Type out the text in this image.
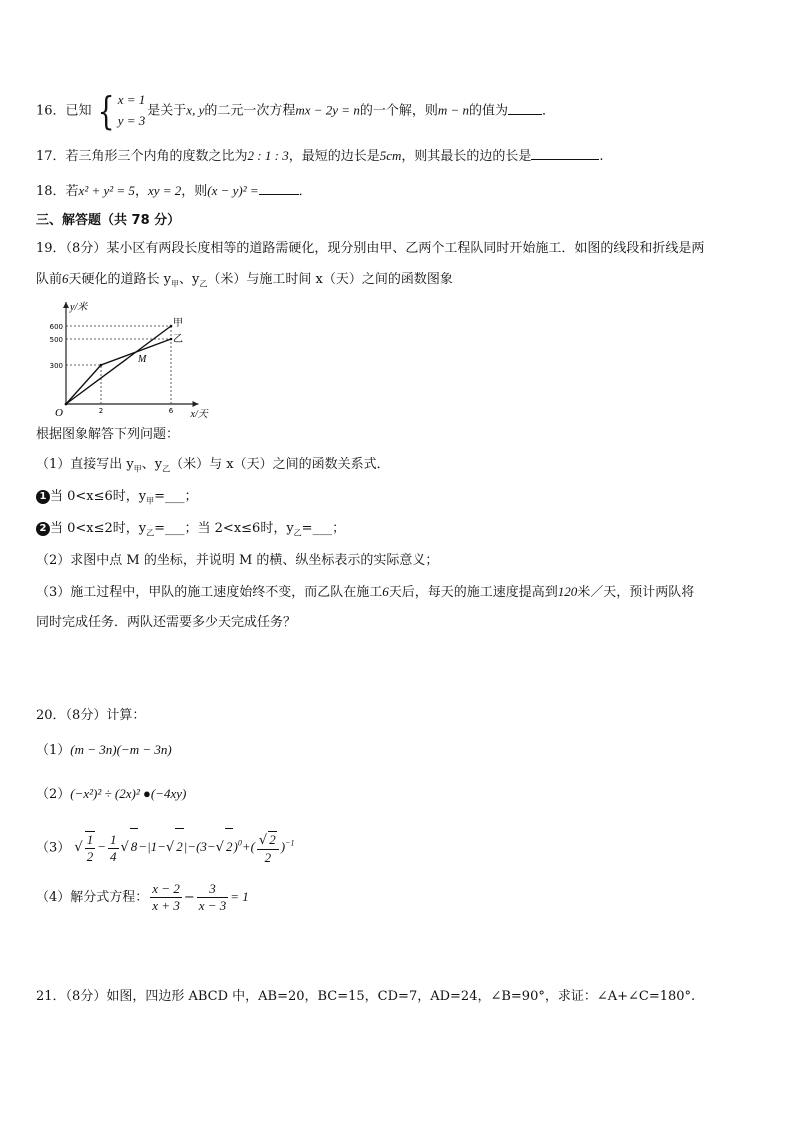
16．已知 { x = 1
y = 3是关于x, y的二元一次方程mx − 2y = n的一个解，则m − n的值为	．
17．若三角形三个内角的度数之比为2 : 1 : 3，最短的边长是5cm，则其最长的边的长是	.
18．若x² + y² = 5，xy = 2，则(x − y)² =	．
三、解答题（共 78 分）
19．（8分）某小区有两段长度相等的道路需硬化，现分别由甲、乙两个工程队同时开始施工．如图的线段和折线是两
队前6天硬化的道路长 $y_甲$、$y_乙$（米）与施工时间 x（天）之间的函数图象
y/米
x/天
O
300
500
600
2	6
甲
乙
M
根据图象解答下列问题：
（1）直接写出 $y_甲$、$y_乙$（米）与 x（天）之间的函数关系式．
1 当 0<x≤6时，$y_甲=\_\_\_$；
2 当 0<x≤2时，$y_乙=\_\_\_$；当 2<x≤6时，$y_乙=\_\_\_$；
（2）求图中点 M 的坐标，并说明 M 的横、纵坐标表示的实际意义；
（3）施工过程中，甲队的施工速度始终不变，而乙队在施工6天后，每天的施工速度提高到120米／天，预计两队将
同时完成任务．两队还需要多少天完成任务？
20．（8分）计算：
（1）(m − 3n)(−m − 3n)
（2）(−x²)² ÷ (2x)² ●(−4xy)
（3） √ $\frac{1}{2} - \frac{1}{4}$ √ 8−|1−√ 2|−(3−√ $2)^0+( \frac{√ 2}{2} )^{-1}$
（4）解分式方程： $\frac{x - 2}{x + 3} - \frac{3}{x - 3} = 1$
21．（8分）如图，四边形 ABCD 中，AB=20，BC=15，CD=7，AD=24，∠B=90°，求证：∠A+∠C=180°.
